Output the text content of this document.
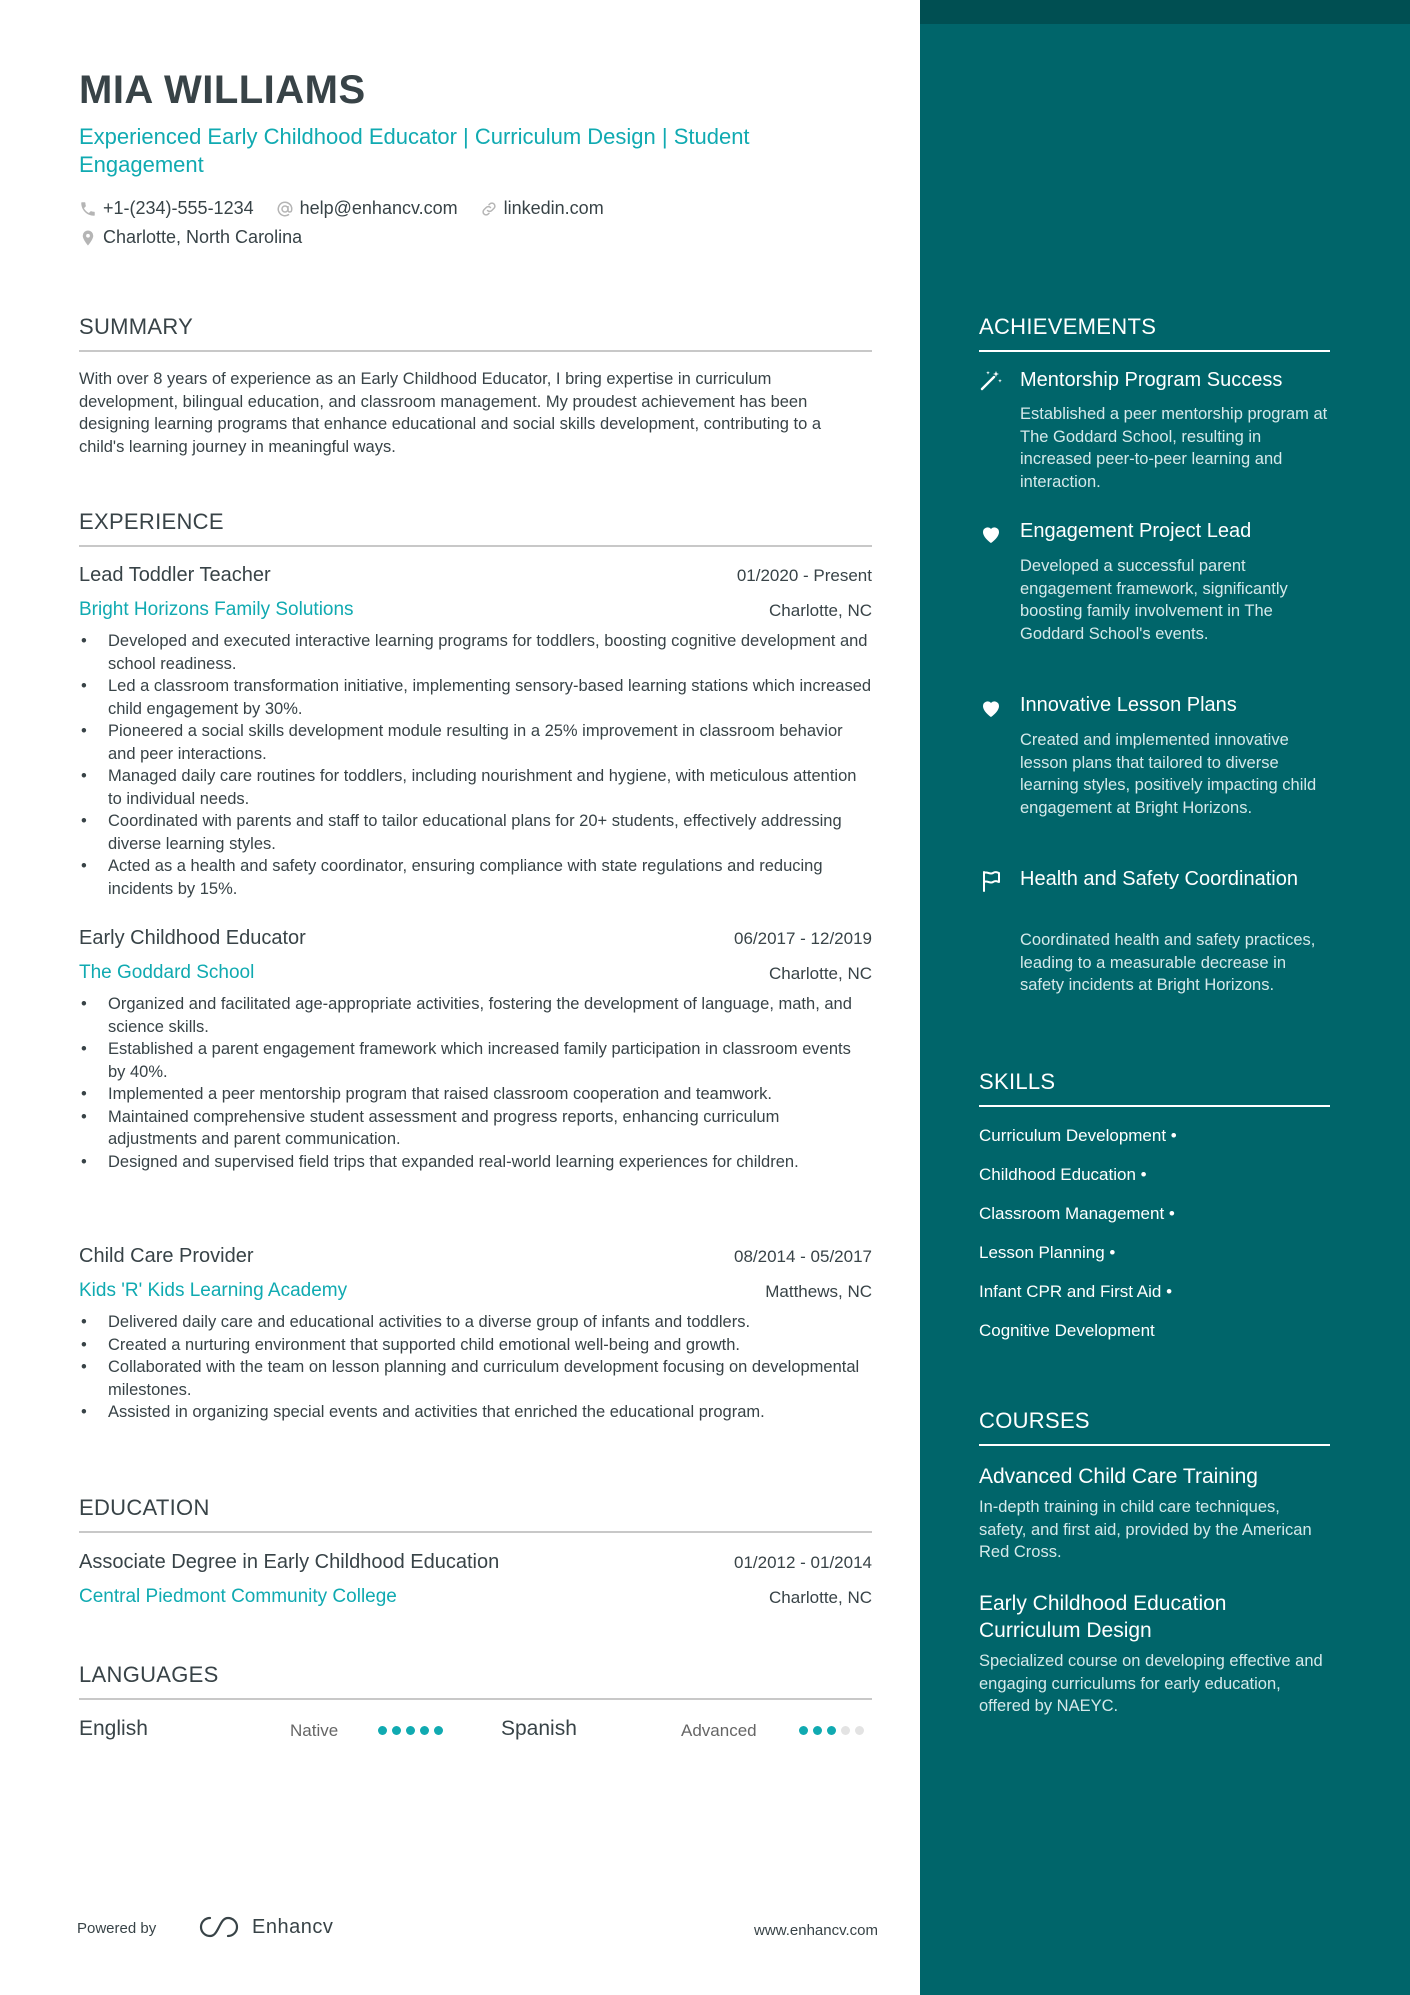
MIA WILLIAMS
Experienced Early Childhood Educator | Curriculum Design | Student Engagement
+1-(234)-555-1234	help@enhancv.com	linkedin.com
Charlotte, North Carolina
SUMMARY
With over 8 years of experience as an Early Childhood Educator, I bring expertise in curriculum development, bilingual education, and classroom management. My proudest achievement has been designing learning programs that enhance educational and social skills development, contributing to a child's learning journey in meaningful ways.
EXPERIENCE
Lead Toddler Teacher	01/2020 - Present
Bright Horizons Family Solutions	Charlotte, NC
• Developed and executed interactive learning programs for toddlers, boosting cognitive development and school readiness.
• Led a classroom transformation initiative, implementing sensory-based learning stations which increased child engagement by 30%.
• Pioneered a social skills development module resulting in a 25% improvement in classroom behavior and peer interactions.
• Managed daily care routines for toddlers, including nourishment and hygiene, with meticulous attention to individual needs.
• Coordinated with parents and staff to tailor educational plans for 20+ students, effectively addressing diverse learning styles.
• Acted as a health and safety coordinator, ensuring compliance with state regulations and reducing incidents by 15%.
Early Childhood Educator	06/2017 - 12/2019
The Goddard School	Charlotte, NC
• Organized and facilitated age-appropriate activities, fostering the development of language, math, and science skills.
• Established a parent engagement framework which increased family participation in classroom events by 40%.
• Implemented a peer mentorship program that raised classroom cooperation and teamwork.
• Maintained comprehensive student assessment and progress reports, enhancing curriculum adjustments and parent communication.
• Designed and supervised field trips that expanded real-world learning experiences for children.
Child Care Provider	08/2014 - 05/2017
Kids 'R' Kids Learning Academy	Matthews, NC
• Delivered daily care and educational activities to a diverse group of infants and toddlers.
• Created a nurturing environment that supported child emotional well-being and growth.
• Collaborated with the team on lesson planning and curriculum development focusing on developmental milestones.
• Assisted in organizing special events and activities that enriched the educational program.
EDUCATION
Associate Degree in Early Childhood Education	01/2012 - 01/2014
Central Piedmont Community College	Charlotte, NC
LANGUAGES
English	Native	Spanish	Advanced
Powered by	Enhancv	www.enhancv.com
ACHIEVEMENTS
Mentorship Program Success
Established a peer mentorship program at The Goddard School, resulting in increased peer-to-peer learning and interaction.
Engagement Project Lead
Developed a successful parent engagement framework, significantly boosting family involvement in The Goddard School's events.
Innovative Lesson Plans
Created and implemented innovative lesson plans that tailored to diverse learning styles, positively impacting child engagement at Bright Horizons.
Health and Safety Coordination
Coordinated health and safety practices, leading to a measurable decrease in safety incidents at Bright Horizons.
SKILLS
Curriculum Development •
Childhood Education •
Classroom Management •
Lesson Planning •
Infant CPR and First Aid •
Cognitive Development
COURSES
Advanced Child Care Training
In-depth training in child care techniques, safety, and first aid, provided by the American Red Cross.
Early Childhood Education Curriculum Design
Specialized course on developing effective and engaging curriculums for early education, offered by NAEYC.
